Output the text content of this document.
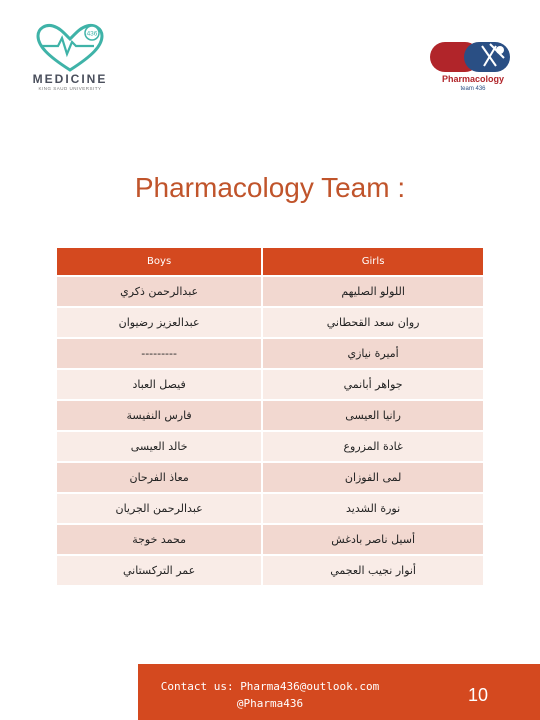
436
MEDICINE
KING SAUD UNIVERSITY
Pharmacology
team 436
Pharmacology Team :
Boys	Girls
عبدالرحمن ذكري	اللولو الصليهم
عبدالعزيز رضيوان	روان سعد القحطاني
---------	أميرة نيازي
فيصل العباد	جواهر أبانمي
فارس النفيسة	رانيا العيسى
خالد العيسى	غادة المزروع
معاذ الفرحان	لمى الفوزان
عبدالرحمن الجريان	نورة الشديد
محمد خوجة	أسيل ناصر بادغش
عمر التركستاني	أنوار نجيب العجمي
Contact us: Pharma436@outlook.com
@Pharma436	10
